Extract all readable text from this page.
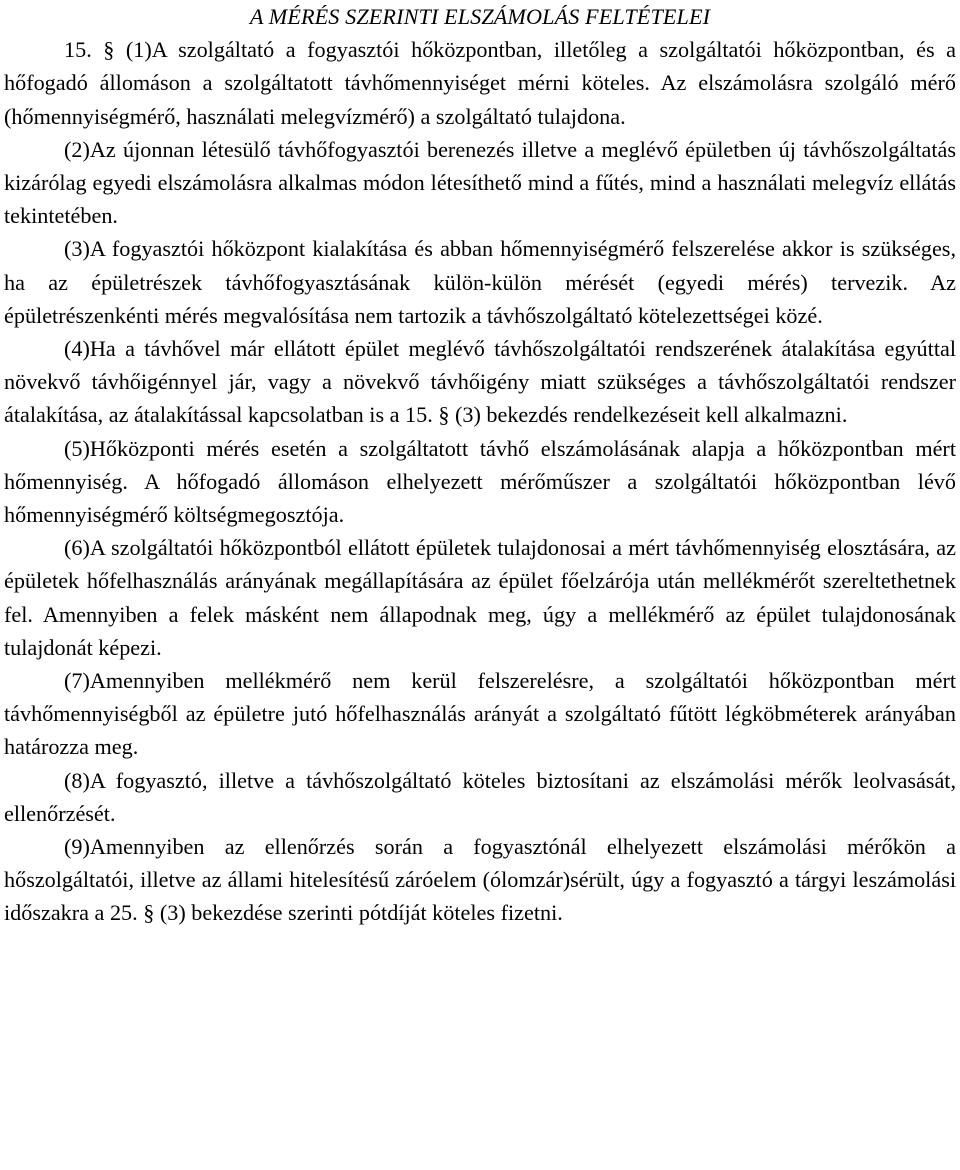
A MÉRÉS SZERINTI ELSZÁMOLÁS FELTÉTELEI

15. § (1)A szolgáltató a fogyasztói hőközpontban, illetőleg a szolgáltatói hőközpontban, és a hőfogadó állomáson a szolgáltatott távhőmennyiséget mérni köteles. Az elszámolásra szolgáló mérő (hőmennyiségmérő, használati melegvízmérő) a szolgáltató tulajdona.

(2)Az újonnan létesülő távhőfogyasztói berenezés illetve a meglévő épületben új távhőszolgáltatás kizárólag egyedi elszámolásra alkalmas módon létesíthető mind a fűtés, mind a használati melegvíz ellátás tekintetében.

(3)A fogyasztói hőközpont kialakítása és abban hőmennyiségmérő felszerelése akkor is szükséges, ha az épületrészek távhőfogyasztásának külön-külön mérését (egyedi mérés) tervezik. Az épületrészenkénti mérés megvalósítása nem tartozik a távhőszolgáltató kötelezettségei közé.

(4)Ha a távhővel már ellátott épület meglévő távhőszolgáltatói rendszerének átalakítása egyúttal növekvő távhőigénnyel jár, vagy a növekvő távhőigény miatt szükséges a távhőszolgáltatói rendszer átalakítása, az átalakítással kapcsolatban is a 15. § (3) bekezdés rendelkezéseit kell alkalmazni.

(5)Hőközponti mérés esetén a szolgáltatott távhő elszámolásának alapja a hőközpontban mért hőmennyiség. A hőfogadó állomáson elhelyezett mérőműszer a szolgáltatói hőközpontban lévő hőmennyiségmérő költségmegosztója.

(6)A szolgáltatói hőközpontból ellátott épületek tulajdonosai a mért távhőmennyiség elosztására, az épületek hőfelhasználás arányának megállapítására az épület főelzárója után mellékmérőt szereltethetnek fel. Amennyiben a felek másként nem állapodnak meg, úgy a mellékmérő az épület tulajdonosának tulajdonát képezi.

(7)Amennyiben mellékmérő nem kerül felszerelésre, a szolgáltatói hőközpontban mért távhőmennyiségből az épületre jutó hőfelhasználás arányát a szolgáltató fűtött légköbméterek arányában határozza meg.

(8)A fogyasztó, illetve a távhőszolgáltató köteles biztosítani az elszámolási mérők leolvasását, ellenőrzését.

(9)Amennyiben az ellenőrzés során a fogyasztónál elhelyezett elszámolási mérőkön a hőszolgáltatói, illetve az állami hitelesítésű záróelem (ólomzár)sérült, úgy a fogyasztó a tárgyi leszámolási időszakra a 25. § (3) bekezdése szerinti pótdíját köteles fizetni.
